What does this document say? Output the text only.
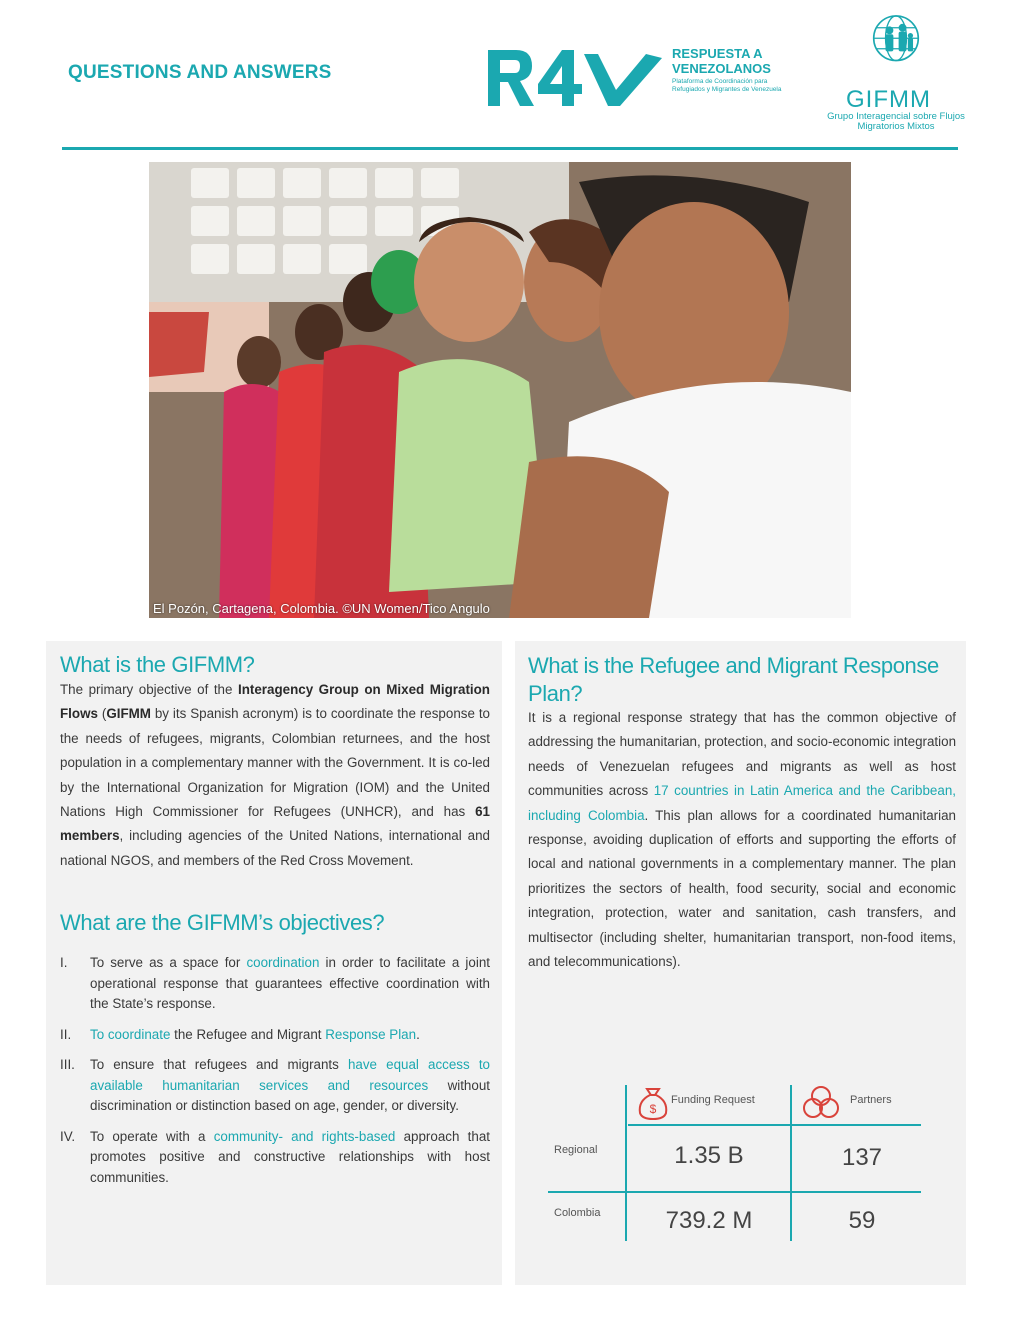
QUESTIONS AND ANSWERS
RESPUESTA A
VENEZOLANOS
Plataforma de Coordinación para Refugiados y Migrantes de Venezuela	GIFMM
Grupo Interagencial sobre Flujos Migratorios Mixtos
El Pozón, Cartagena, Colombia. ©UN Women/Tico Angulo
What is the GIFMM?
The primary objective of the Interagency Group on Mixed Migration Flows (GIFMM by its Spanish acronym) is to coordinate the response to the needs of refugees, migrants, Colombian returnees, and the host population in a complementary manner with the Government. It is co-led by the International Organization for Migration (IOM) and the United Nations High Commissioner for Refugees (UNHCR), and has 61 members, including agencies of the United Nations, international and national NGOS, and members of the Red Cross Movement.
What are the GIFMM’s objectives?
I. To serve as a space for coordination in order to facilitate a joint operational response that guarantees effective coordination with the State’s response.
II. To coordinate the Refugee and Migrant Response Plan.
III. To ensure that refugees and migrants have equal access to available humanitarian services and resources without discrimination or distinction based on age, gender, or diversity.
IV. To operate with a community- and rights-based approach that promotes positive and constructive relationships with host communities.
What is the Refugee and Migrant Response Plan?
It is a regional response strategy that has the common objective of addressing the humanitarian, protection, and socio-economic integration needs of Venezuelan refugees and migrants as well as host communities across 17 countries in Latin America and the Caribbean, including Colombia. This plan allows for a coordinated humanitarian response, avoiding duplication of efforts and supporting the efforts of local and national governments in a complementary manner. The plan prioritizes the sectors of health, food security, social and economic integration, protection, water and sanitation, cash transfers, and multisector (including shelter, humanitarian transport, non-food items, and telecommunications).
$
Funding Request	Partners
Regional	1.35 B	137
Colombia	739.2 M	59
